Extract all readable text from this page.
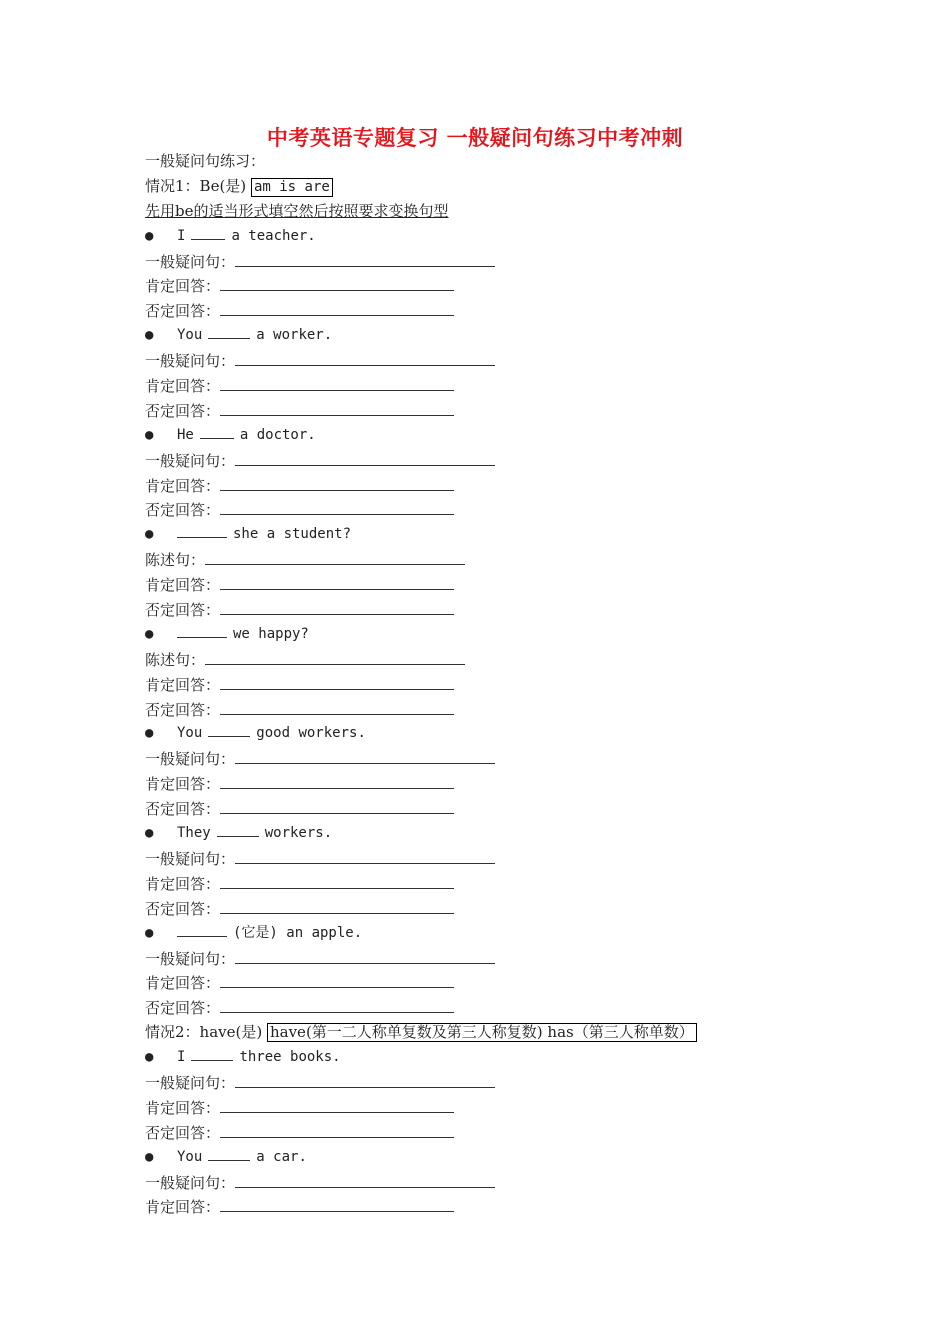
中考英语专题复习 一般疑问句练习中考冲刺
一般疑问句练习：
情况1：Be(是) am is are
先用be的适当形式填空然后按照要求变换句型
● I	a teacher.
一般疑问句：
肯定回答：
否定回答：
● You	a worker.
一般疑问句：
肯定回答：
否定回答：
● He	a doctor.
一般疑问句：
肯定回答：
否定回答：
●	she a student?
陈述句：
肯定回答：
否定回答：
●	we happy?
陈述句：
肯定回答：
否定回答：
● You	good workers.
一般疑问句：
肯定回答：
否定回答：
● They	workers.
一般疑问句：
肯定回答：
否定回答：
●	(它是) an apple.
一般疑问句：
肯定回答：
否定回答：
情况2：have(是) have(第一二人称单复数及第三人称复数) has（第三人称单数）
● I	three books.
一般疑问句：
肯定回答：
否定回答：
● You	a car.
一般疑问句：
肯定回答：
